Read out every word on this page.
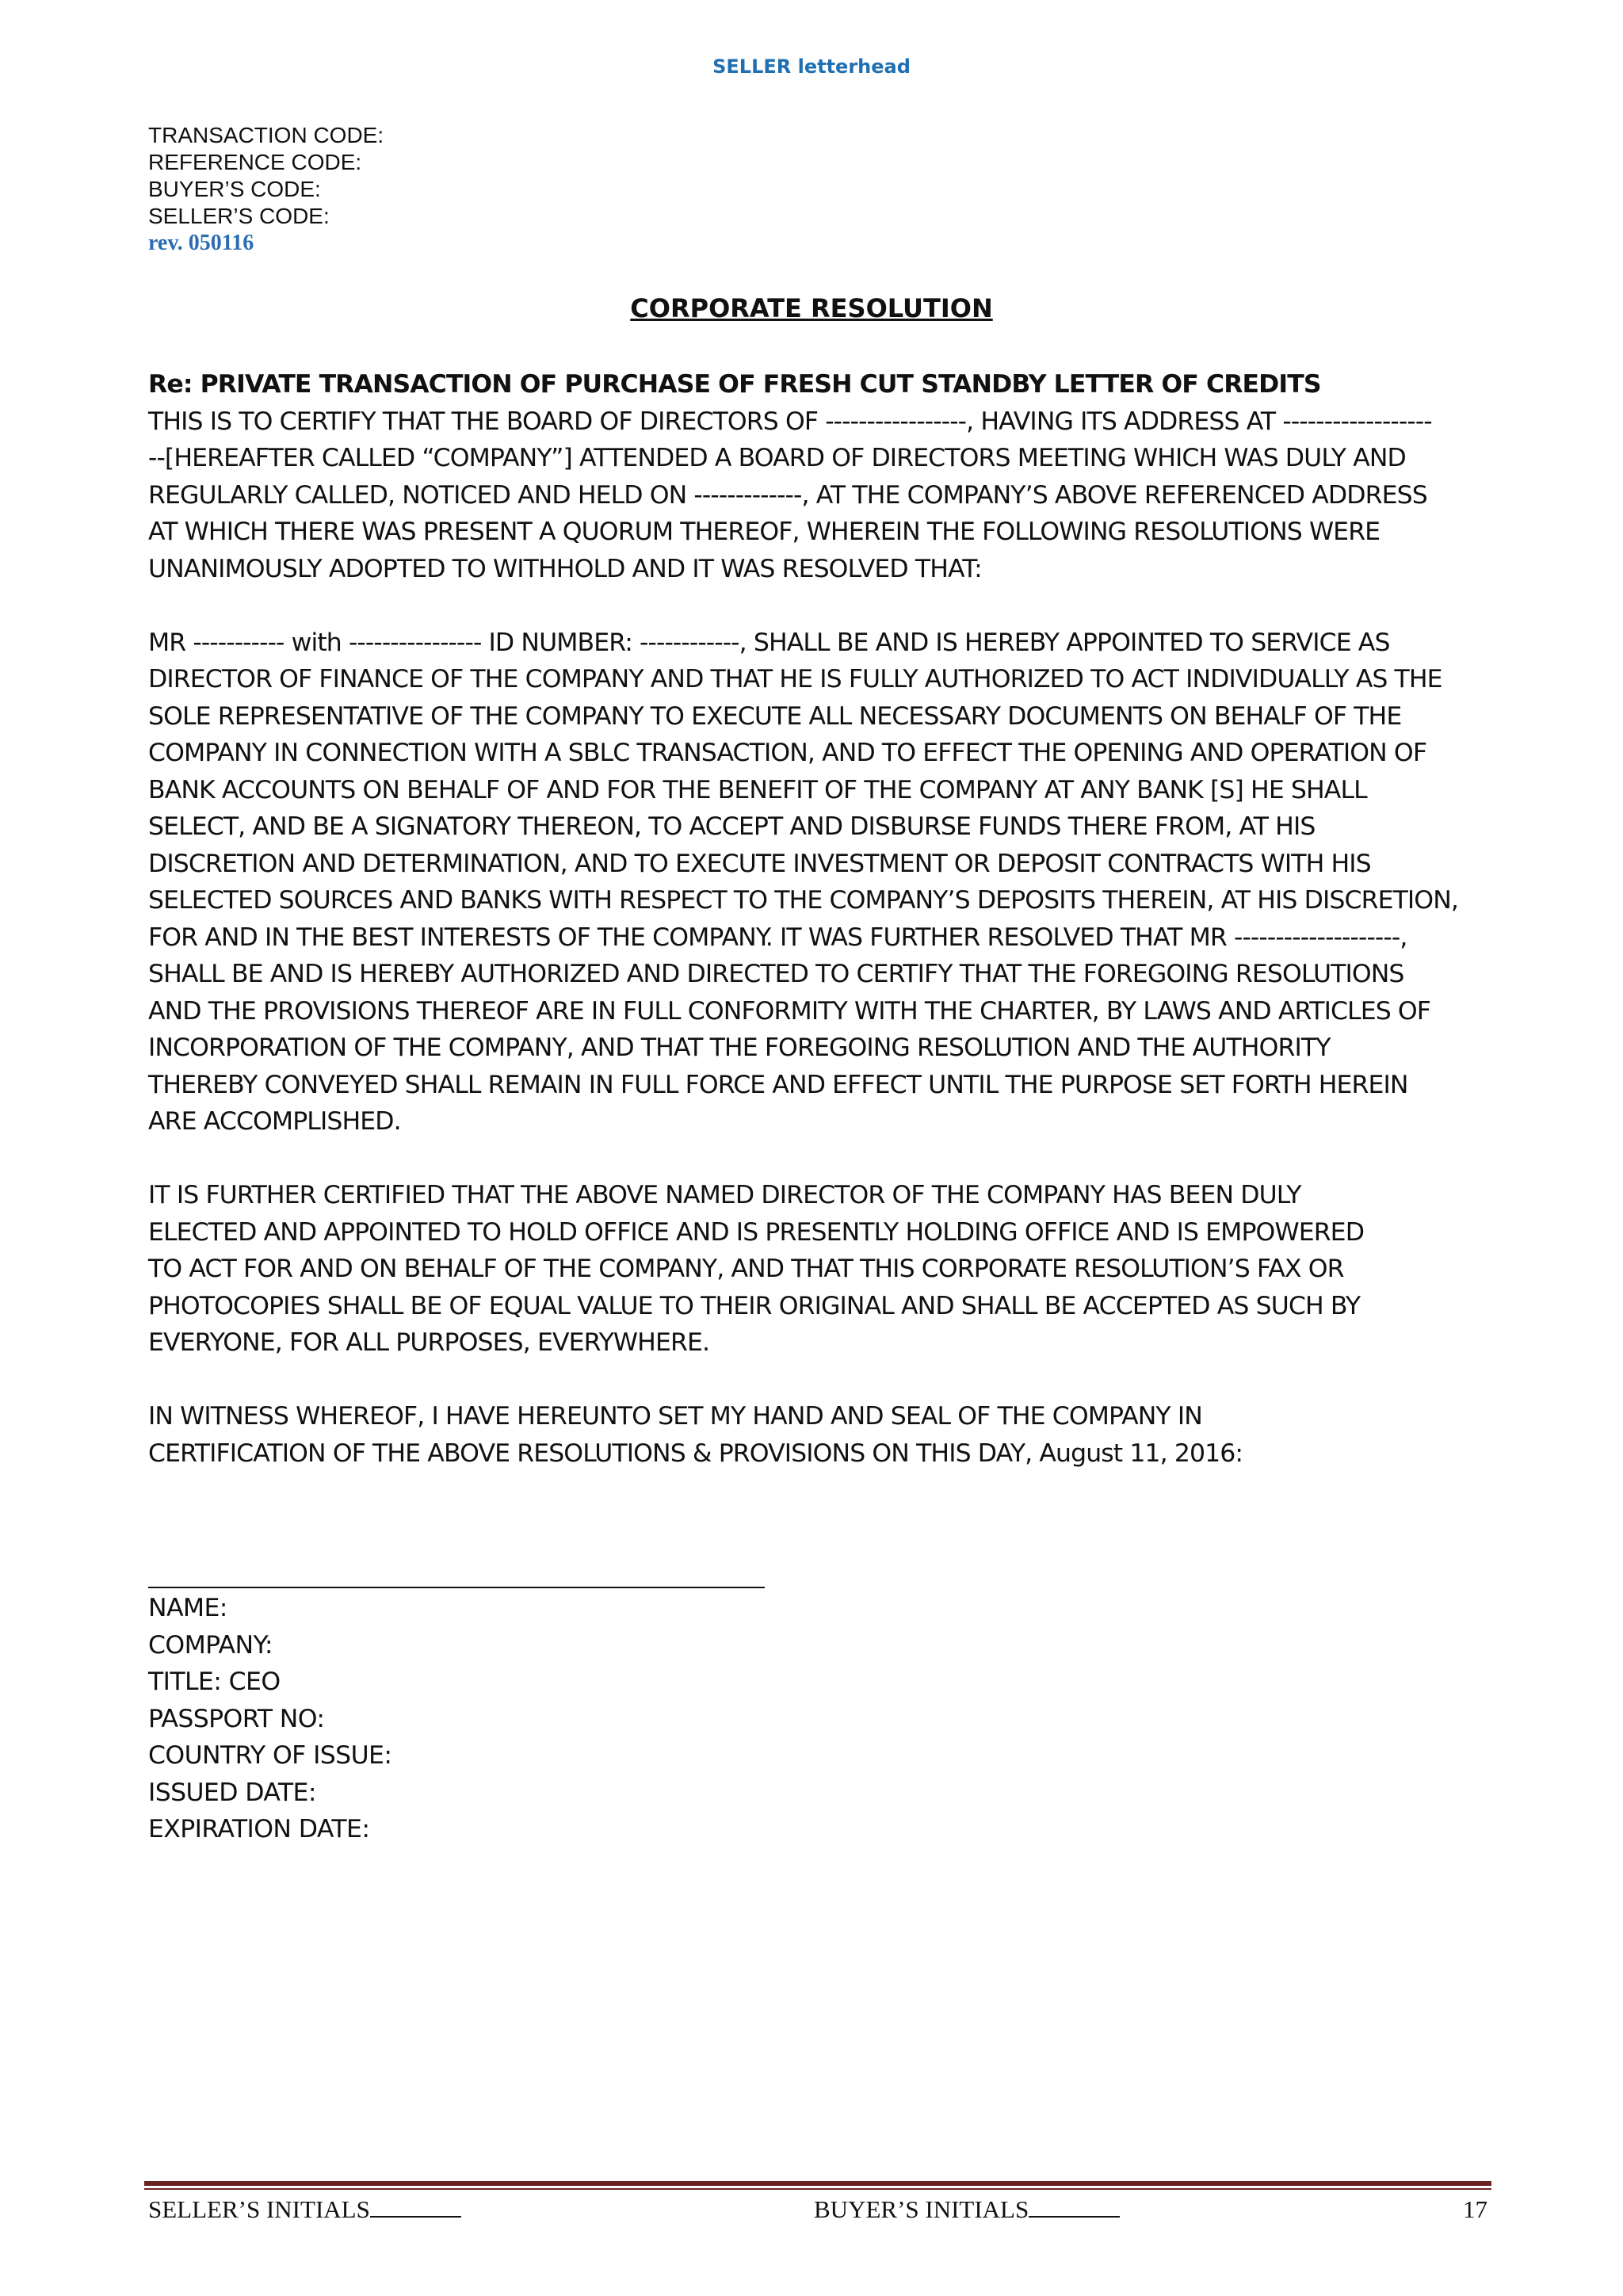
SELLER letterhead
TRANSACTION CODE:
REFERENCE CODE:
BUYER’S CODE:
SELLER’S CODE:
rev. 050116
CORPORATE RESOLUTION

Re: PRIVATE TRANSACTION OF PURCHASE OF FRESH CUT STANDBY LETTER OF CREDITS

THIS IS TO CERTIFY THAT THE BOARD OF DIRECTORS OF -----------------, HAVING ITS ADDRESS AT ------------------

--[HEREAFTER CALLED “COMPANY”] ATTENDED A BOARD OF DIRECTORS MEETING WHICH WAS DULY AND

REGULARLY CALLED, NOTICED AND HELD ON -------------, AT THE COMPANY’S ABOVE REFERENCED ADDRESS

AT WHICH THERE WAS PRESENT A QUORUM THEREOF, WHEREIN THE FOLLOWING RESOLUTIONS WERE

UNANIMOUSLY ADOPTED TO WITHHOLD AND IT WAS RESOLVED THAT:

MR ----------- with ---------------- ID NUMBER: ------------, SHALL BE AND IS HEREBY APPOINTED TO SERVICE AS

DIRECTOR OF FINANCE OF THE COMPANY AND THAT HE IS FULLY AUTHORIZED TO ACT INDIVIDUALLY AS THE

SOLE REPRESENTATIVE OF THE COMPANY TO EXECUTE ALL NECESSARY DOCUMENTS ON BEHALF OF THE

COMPANY IN CONNECTION WITH A SBLC TRANSACTION, AND TO EFFECT THE OPENING AND OPERATION OF

BANK ACCOUNTS ON BEHALF OF AND FOR THE BENEFIT OF THE COMPANY AT ANY BANK [S] HE SHALL

SELECT, AND BE A SIGNATORY THEREON, TO ACCEPT AND DISBURSE FUNDS THERE FROM, AT HIS

DISCRETION AND DETERMINATION, AND TO EXECUTE INVESTMENT OR DEPOSIT CONTRACTS WITH HIS

SELECTED SOURCES AND BANKS WITH RESPECT TO THE COMPANY’S DEPOSITS THEREIN, AT HIS DISCRETION,

FOR AND IN THE BEST INTERESTS OF THE COMPANY. IT WAS FURTHER RESOLVED THAT MR --------------------,

SHALL BE AND IS HEREBY AUTHORIZED AND DIRECTED TO CERTIFY THAT THE FOREGOING RESOLUTIONS

AND THE PROVISIONS THEREOF ARE IN FULL CONFORMITY WITH THE CHARTER, BY LAWS AND ARTICLES OF

INCORPORATION OF THE COMPANY, AND THAT THE FOREGOING RESOLUTION AND THE AUTHORITY

THEREBY CONVEYED SHALL REMAIN IN FULL FORCE AND EFFECT UNTIL THE PURPOSE SET FORTH HEREIN

ARE ACCOMPLISHED.

IT IS FURTHER CERTIFIED THAT THE ABOVE NAMED DIRECTOR OF THE COMPANY HAS BEEN DULY

ELECTED AND APPOINTED TO HOLD OFFICE AND IS PRESENTLY HOLDING OFFICE AND IS EMPOWERED

TO ACT FOR AND ON BEHALF OF THE COMPANY, AND THAT THIS CORPORATE RESOLUTION’S FAX OR

PHOTOCOPIES SHALL BE OF EQUAL VALUE TO THEIR ORIGINAL AND SHALL BE ACCEPTED AS SUCH BY

EVERYONE, FOR ALL PURPOSES, EVERYWHERE.

IN WITNESS WHEREOF, I HAVE HEREUNTO SET MY HAND AND SEAL OF THE COMPANY IN

CERTIFICATION OF THE ABOVE RESOLUTIONS & PROVISIONS ON THIS DAY, August 11, 2016:

NAME:
COMPANY:
TITLE: CEO
PASSPORT NO:
COUNTRY OF ISSUE:
ISSUED DATE:
EXPIRATION DATE:
SELLER’S INITIALS	BUYER’S INITIALS	17
